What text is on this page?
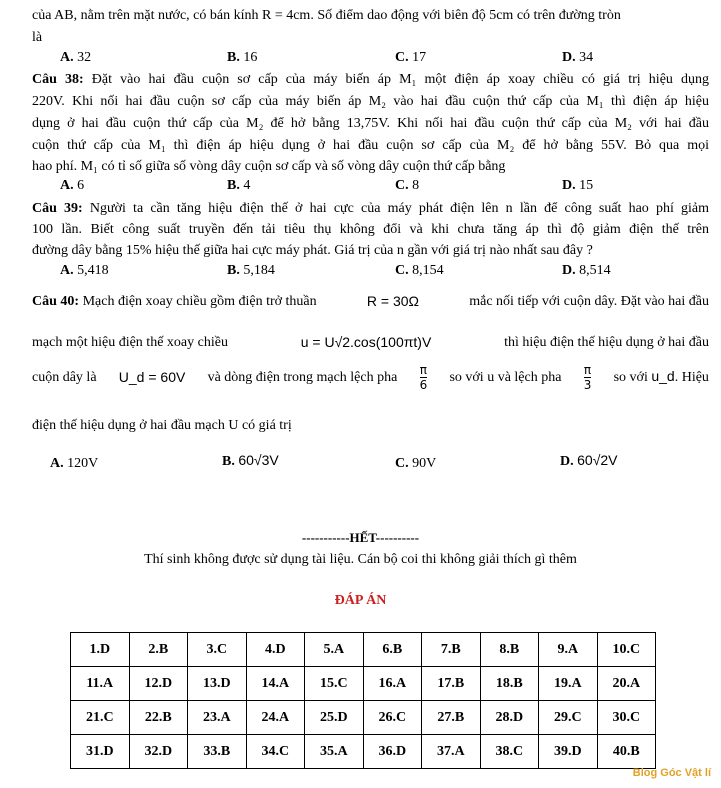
của AB, nằm trên mặt nước, có bán kính R = 4cm. Số điểm dao động với biên độ 5cm có trên đường tròn
là
A. 32	B. 16	C. 17	D. 34
Câu 38: Đặt vào hai đầu cuộn sơ cấp của máy biến áp M₁ một điện áp xoay chiều có giá trị hiệu dụng
220V. Khi nối hai đầu cuộn sơ cấp của máy biến áp M₂ vào hai đầu cuộn thứ cấp của M₁ thì điện áp hiệu
dụng ở hai đầu cuộn thứ cấp của M₂ để hở bằng 13,75V. Khi nối hai đầu cuộn thứ cấp của M₂ với hai đầu
cuộn thứ cấp của M₁ thì điện áp hiệu dụng ở hai đầu cuộn sơ cấp của M₂ để hở bằng 55V. Bỏ qua mọi
hao phí. M₁ có tỉ số giữa số vòng dây cuộn sơ cấp và số vòng dây cuộn thứ cấp bằng
A. 6	B. 4	C. 8	D. 15
Câu 39: Người ta cần tăng hiệu điện thế ở hai cực của máy phát điện lên n lần để công suất hao phí giảm
100 lần. Biết công suất truyền đến tải tiêu thụ không đổi và khi chưa tăng áp thì độ giảm điện thế trên
đường dây bằng 15% hiệu thế giữa hai cực máy phát. Giá trị của n gần với giá trị nào nhất sau đây ?
A. 5,418	B. 5,184	C. 8,154	D. 8,514
Câu 40: Mạch điện xoay chiều gồm điện trở thuần	R = 30Ω	mắc nối tiếp với cuộn dây. Đặt vào hai đầu
mạch một hiệu điện thế xoay chiều	u = U√2.cos(100πt)V	thì hiệu điện thế hiệu dụng ở hai đầu
cuộn dây là U_d = 60V và dòng điện trong mạch lệch pha $\frac{\pi}{6}$ so với u và lệch pha $\frac{\pi}{3}$ so với u_d. Hiệu
điện thế hiệu dụng ở hai đầu mạch U có giá trị
A. 120V	B. 60√3V	C. 90V	D. 60√2V
-----------HẾT----------
Thí sinh không được sử dụng tài liệu. Cán bộ coi thi không giải thích gì thêm
ĐÁP ÁN
1.D	2.B	3.C	4.D	5.A	6.B	7.B	8.B	9.A	10.C
11.A	12.D	13.D	14.A	15.C	16.A	17.B	18.B	19.A	20.A
21.C	22.B	23.A	24.A	25.D	26.C	27.B	28.D	29.C	30.C
31.D	32.D	33.B	34.C	35.A	36.D	37.A	38.C	39.D	40.B
Blog Góc Vật lí
